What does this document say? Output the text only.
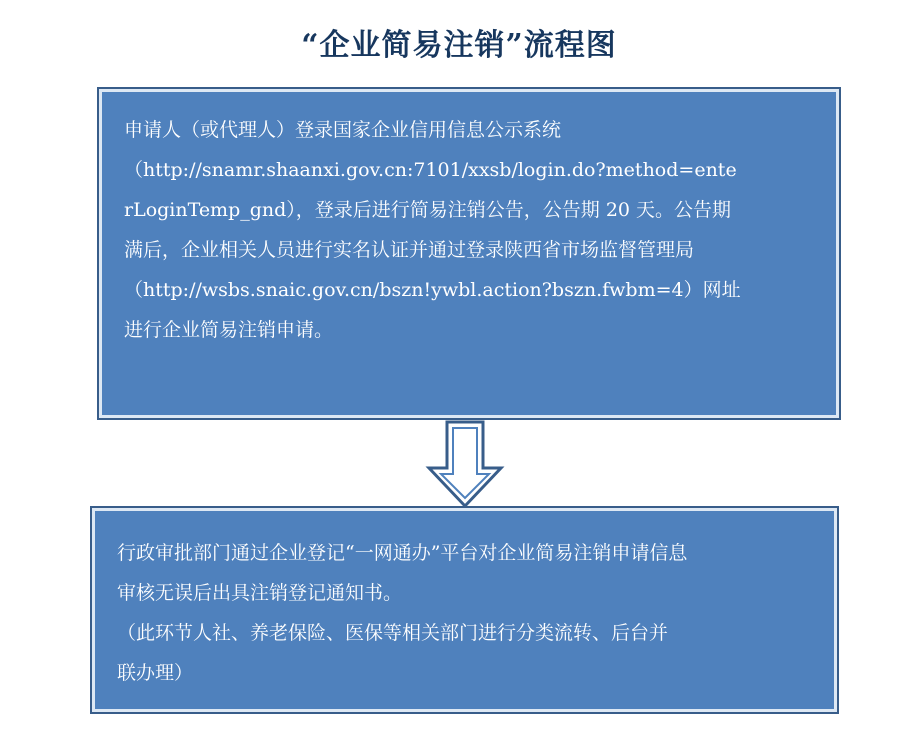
“企业简易注销”流程图
申请人（或代理人）登录国家企业信用信息公示系统
（http://snamr.shaanxi.gov.cn:7101/xxsb/login.do?method=ente
rLoginTemp_gnd），登录后进行简易注销公告，公告期 20 天。公告期
满后，企业相关人员进行实名认证并通过登录陕西省市场监督管理局
（http://wsbs.snaic.gov.cn/bszn!ywbl.action?bszn.fwbm=4）网址
进行企业简易注销申请。
行政审批部门通过企业登记“一网通办”平台对企业简易注销申请信息
审核无误后出具注销登记通知书。
（此环节人社、养老保险、医保等相关部门进行分类流转、后台并
联办理）
